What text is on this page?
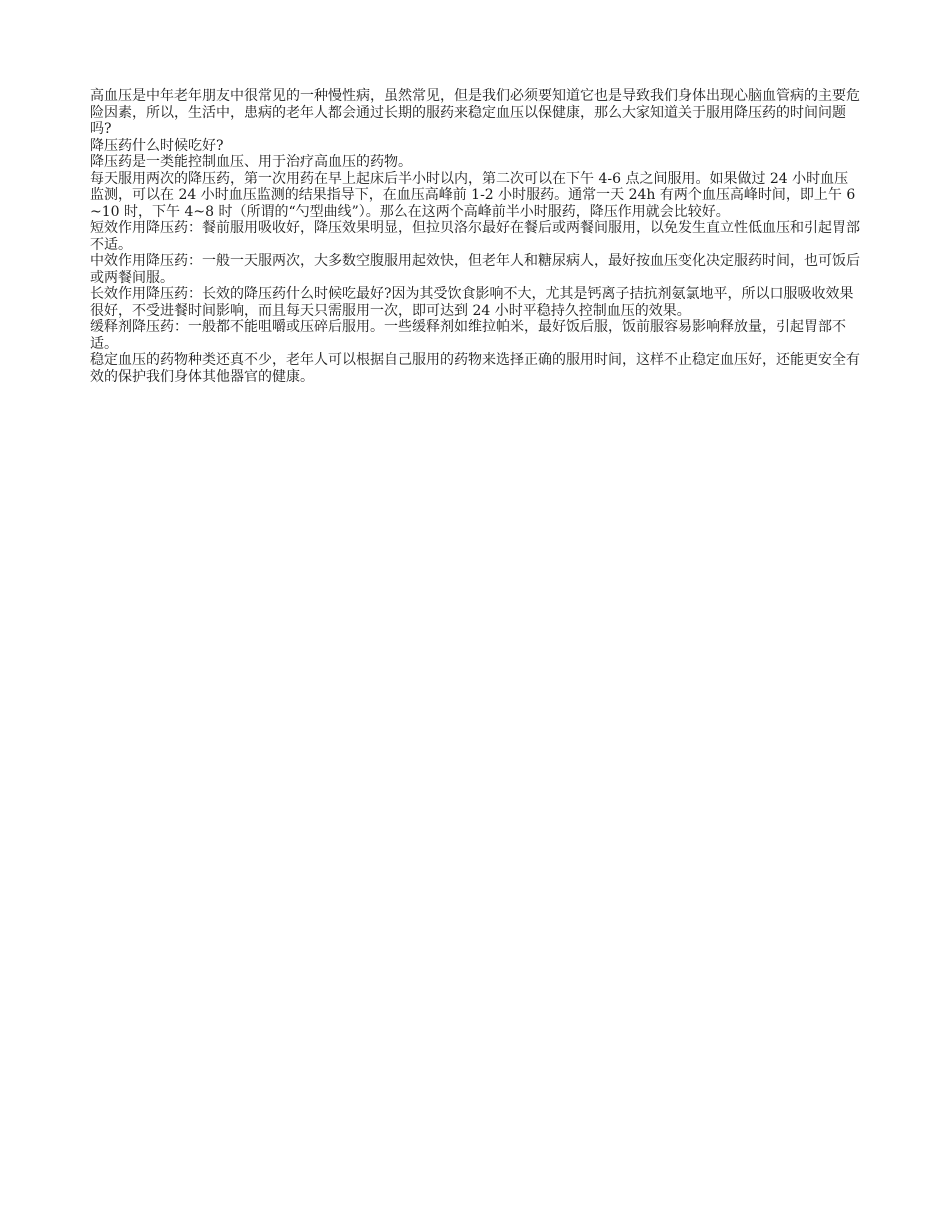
高血压是中年老年朋友中很常见的一种慢性病，虽然常见，但是我们必须要知道它也是导致我们身体出现心脑血管病的主要危险因素，所以，生活中，患病的老年人都会通过长期的服药来稳定血压以保健康，那么大家知道关于服用降压药的时间问题吗?

降压药什么时候吃好?

降压药是一类能控制血压、用于治疗高血压的药物。

每天服用两次的降压药，第一次用药在早上起床后半小时以内，第二次可以在下午 4-6 点之间服用。如果做过 24 小时血压监测，可以在 24 小时血压监测的结果指导下，在血压高峰前 1-2 小时服药。通常一天 24h 有两个血压高峰时间，即上午 6~10 时，下午 4~8 时（所谓的“勺型曲线”）。那么在这两个高峰前半小时服药，降压作用就会比较好。

短效作用降压药：餐前服用吸收好，降压效果明显，但拉贝洛尔最好在餐后或两餐间服用，以免发生直立性低血压和引起胃部不适。

中效作用降压药：一般一天服两次，大多数空腹服用起效快，但老年人和糖尿病人，最好按血压变化决定服药时间，也可饭后或两餐间服。

长效作用降压药：长效的降压药什么时候吃最好?因为其受饮食影响不大，尤其是钙离子拮抗剂氨氯地平，所以口服吸收效果很好，不受进餐时间影响，而且每天只需服用一次，即可达到 24 小时平稳持久控制血压的效果。

缓释剂降压药：一般都不能咀嚼或压碎后服用。一些缓释剂如维拉帕米，最好饭后服，饭前服容易影响释放量，引起胃部不适。

稳定血压的药物种类还真不少，老年人可以根据自己服用的药物来选择正确的服用时间，这样不止稳定血压好，还能更安全有效的保护我们身体其他器官的健康。
